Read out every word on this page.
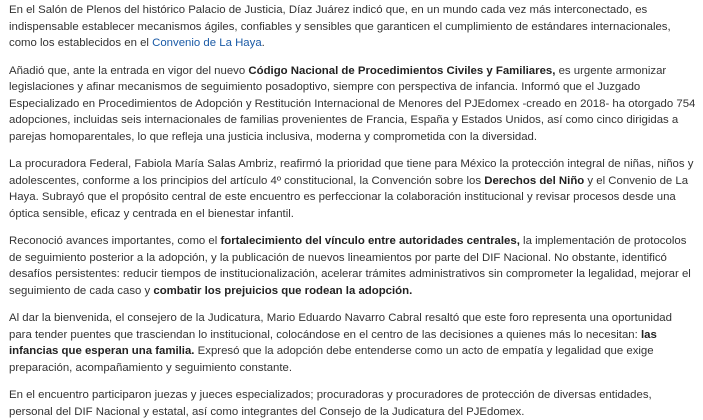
En el Salón de Plenos del histórico Palacio de Justicia, Díaz Juárez indicó que, en un mundo cada vez más interconectado, es indispensable establecer mecanismos ágiles, confiables y sensibles que garanticen el cumplimiento de estándares internacionales, como los establecidos en el Convenio de La Haya.

Añadió que, ante la entrada en vigor del nuevo Código Nacional de Procedimientos Civiles y Familiares, es urgente armonizar legislaciones y afinar mecanismos de seguimiento posadoptivo, siempre con perspectiva de infancia. Informó que el Juzgado Especializado en Procedimientos de Adopción y Restitución Internacional de Menores del PJEdomex -creado en 2018- ha otorgado 754 adopciones, incluidas seis internacionales de familias provenientes de Francia, España y Estados Unidos, así como cinco dirigidas a parejas homoparentales, lo que refleja una justicia inclusiva, moderna y comprometida con la diversidad.

La procuradora Federal, Fabiola María Salas Ambriz, reafirmó la prioridad que tiene para México la protección integral de niñas, niños y adolescentes, conforme a los principios del artículo 4º constitucional, la Convención sobre los Derechos del Niño y el Convenio de La Haya. Subrayó que el propósito central de este encuentro es perfeccionar la colaboración institucional y revisar procesos desde una óptica sensible, eficaz y centrada en el bienestar infantil.

Reconoció avances importantes, como el fortalecimiento del vínculo entre autoridades centrales, la implementación de protocolos de seguimiento posterior a la adopción, y la publicación de nuevos lineamientos por parte del DIF Nacional. No obstante, identificó desafíos persistentes: reducir tiempos de institucionalización, acelerar trámites administrativos sin comprometer la legalidad, mejorar el seguimiento de cada caso y combatir los prejuicios que rodean la adopción.

Al dar la bienvenida, el consejero de la Judicatura, Mario Eduardo Navarro Cabral resaltó que este foro representa una oportunidad para tender puentes que trasciendan lo institucional, colocándose en el centro de las decisiones a quienes más lo necesitan: las infancias que esperan una familia. Expresó que la adopción debe entenderse como un acto de empatía y legalidad que exige preparación, acompañamiento y seguimiento constante.

En el encuentro participaron juezas y jueces especializados; procuradoras y procuradores de protección de diversas entidades, personal del DIF Nacional y estatal, así como integrantes del Consejo de la Judicatura del PJEdomex.
